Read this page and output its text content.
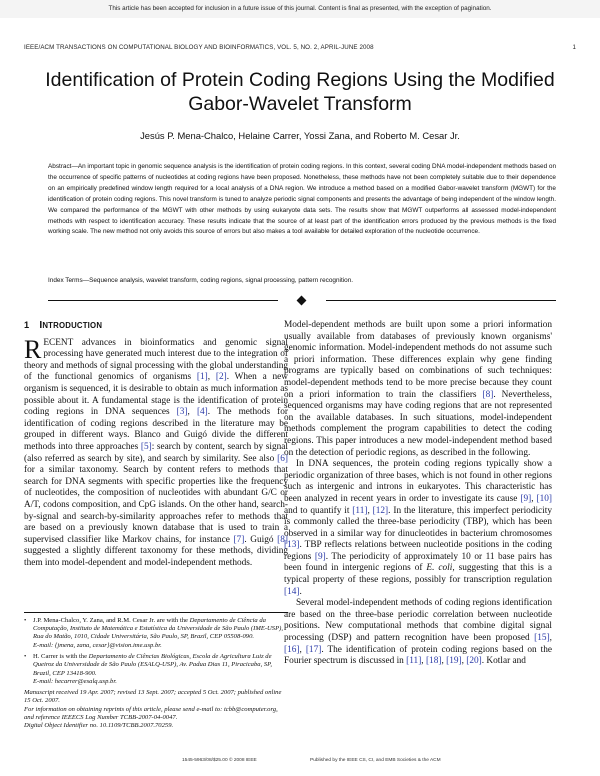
This article has been accepted for inclusion in a future issue of this journal. Content is final as presented, with the exception of pagination.
IEEE/ACM TRANSACTIONS ON COMPUTATIONAL BIOLOGY AND BIOINFORMATICS, VOL. 5, NO. 2, APRIL-JUNE 2008	1
Identification of Protein Coding Regions Using the Modified Gabor-Wavelet Transform
Jesús P. Mena-Chalco, Helaine Carrer, Yossi Zana, and Roberto M. Cesar Jr.
Abstract—An important topic in genomic sequence analysis is the identification of protein coding regions. In this context, several coding DNA model-independent methods based on the occurrence of specific patterns of nucleotides at coding regions have been proposed. Nonetheless, these methods have not been completely suitable due to their dependence on an empirically predefined window length required for a local analysis of a DNA region. We introduce a method based on a modified Gabor-wavelet transform (MGWT) for the identification of protein coding regions. This novel transform is tuned to analyze periodic signal components and presents the advantage of being independent of the window length. We compared the performance of the MGWT with other methods by using eukaryote data sets. The results show that MGWT outperforms all assessed model-independent methods with respect to identification accuracy. These results indicate that the source of at least part of the identification errors produced by the previous methods is the fixed working scale. The new method not only avoids this source of errors but also makes a tool available for detailed exploration of the nucleotide occurrence.
Index Terms—Sequence analysis, wavelet transform, coding regions, signal processing, pattern recognition.
1 INTRODUCTION

RECENT advances in bioinformatics and genomic signal processing have generated much interest due to the integration of theory and methods of signal processing with the global understanding of the functional genomics of organisms [1], [2]. When a new organism is sequenced, it is desirable to obtain as much information as possible about it. A fundamental stage is the identification of protein coding regions in DNA sequences [3], [4]. The methods for identification of coding regions described in the literature may be grouped in different ways. Blanco and Guigó divide the different methods into three approaches [5]: search by content, search by signal (also referred as search by site), and search by similarity. See also [6] for a similar taxonomy. Search by content refers to methods that search for DNA segments with specific properties like the frequency of nucleotides, the composition of nucleotides with abundant G/C or A/T, codons composition, and CpG islands. On the other hand, search-by-signal and search-by-similarity approaches refer to methods that are based on a previously known database that is used to train a supervised classifier like Markov chains, for instance [7]. Guigó [8] suggested a slightly different taxonomy for these methods, dividing them into model-dependent and model-independent methods.

Model-dependent methods are built upon some a priori information usually available from databases of previously known organisms' genomic information. Model-independent methods do not assume such a priori information. These differences explain why gene finding programs are typically based on combinations of such techniques: model-dependent methods tend to be more precise because they count on a priori information to train the classifiers [8]. Nevertheless, sequenced organisms may have coding regions that are not represented on the available databases. In such situations, model-independent methods complement the program capabilities to detect the coding regions. This paper introduces a new model-independent method based on the detection of periodic regions, as described in the following.

In DNA sequences, the protein coding regions typically show a periodic organization of three bases, which is not found in other regions such as intergenic and introns in eukaryotes. This characteristic has been analyzed in recent years in order to investigate its cause [9], [10] and to quantify it [11], [12]. In the literature, this imperfect periodicity is commonly called the three-base periodicity (TBP), which has been observed in a similar way for dinucleotides in bacterium chromosomes [13]. TBP reflects relations between nucleotide positions in the coding regions [9]. The periodicity of approximately 10 or 11 base pairs has been found in intergenic regions of E. coli, suggesting that this is a typical property of these regions, possibly for transcription regulation [14].

Several model-independent methods of coding regions identification are based on the three-base periodic correlation between nucleotide positions. New computational methods that combine digital signal processing (DSP) and pattern recognition have been proposed [15], [16], [17]. The identification of protein coding regions based on the Fourier spectrum is discussed in [11], [18], [19], [20]. Kotlar and

• J.P. Mena-Chalco, Y. Zana, and R.M. Cesar Jr. are with the Departamento de Ciência da Computação, Instituto de Matemática e Estatística da Universidade de São Paulo (IME-USP), Rua do Matão, 1010, Cidade Universitária, São Paulo, SP, Brazil, CEP 05508-090.
E-mail: {jmena, zana, cesar}@vision.ime.usp.br.
• H. Carrer is with the Departamento de Ciências Biológicas, Escola de Agricultura Luiz de Queiroz da Universidade de São Paulo (ESALQ-USP), Av. Padua Dias 11, Piracicaba, SP, Brazil, CEP 13418-900.
E-mail: hecarrer@esalq.usp.br.
Manuscript received 19 Apr. 2007; revised 13 Sept. 2007; accepted 5 Oct. 2007; published online 15 Oct. 2007.
For information on obtaining reprints of this article, please send e-mail to: tcbb@computer.org, and reference IEEECS Log Number TCBB-2007-04-0047.
Digital Object Identifier no. 10.1109/TCBB.2007.70259.
1545-5963/08/$25.00 © 2008 IEEE	Published by the IEEE CS, CI, and EMB Societies & the ACM
